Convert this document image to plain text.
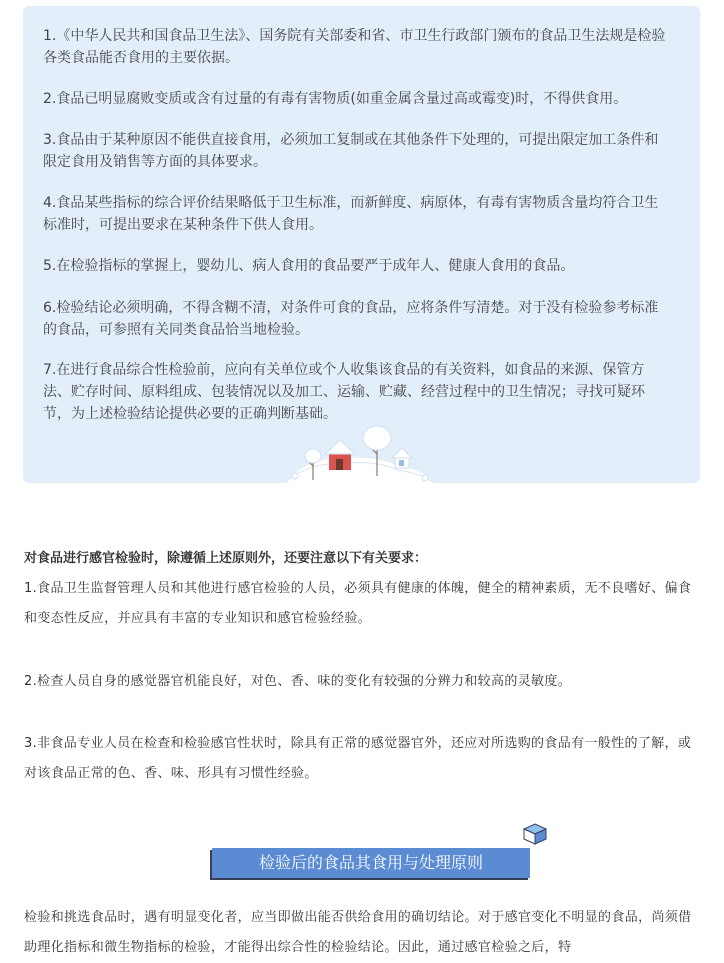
1.《中华人民共和国食品卫生法》、国务院有关部委和省、市卫生行政部门颁布的食品卫生法规是检验各类食品能否食用的主要依据。

2.食品已明显腐败变质或含有过量的有毒有害物质(如重金属含量过高或霉变)时，不得供食用。

3.食品由于某种原因不能供直接食用，必须加工复制或在其他条件下处理的，可提出限定加工条件和限定食用及销售等方面的具体要求。

4.食品某些指标的综合评价结果略低于卫生标准，而新鲜度、病原体，有毒有害物质含量均符合卫生标准时，可提出要求在某种条件下供人食用。

5.在检验指标的掌握上，婴幼儿、病人食用的食品要严于成年人、健康人食用的食品。

6.检验结论必须明确，不得含糊不清，对条件可食的食品，应将条件写清楚。对于没有检验参考标准的食品，可参照有关同类食品恰当地检验。

7.在进行食品综合性检验前，应向有关单位或个人收集该食品的有关资料，如食品的来源、保管方法、贮存时间、原料组成、包装情况以及加工、运输、贮藏、经营过程中的卫生情况；寻找可疑环节，为上述检验结论提供必要的正确判断基础。

对食品进行感官检验时，除遵循上述原则外，还要注意以下有关要求：

1.食品卫生监督管理人员和其他进行感官检验的人员，必须具有健康的体魄，健全的精神素质，无不良嗜好、偏食和变态性反应，并应具有丰富的专业知识和感官检验经验。

2.检查人员自身的感觉器官机能良好，对色、香、味的变化有较强的分辨力和较高的灵敏度。

3.非食品专业人员在检查和检验感官性状时，除具有正常的感觉器官外，还应对所选购的食品有一般性的了解，或对该食品正常的色、香、味、形具有习惯性经验。

检验后的食品其食用与处理原则

检验和挑选食品时，遇有明显变化者，应当即做出能否供给食用的确切结论。对于感官变化不明显的食品，尚须借助理化指标和微生物指标的检验，才能得出综合性的检验结论。因此，通过感官检验之后，特
